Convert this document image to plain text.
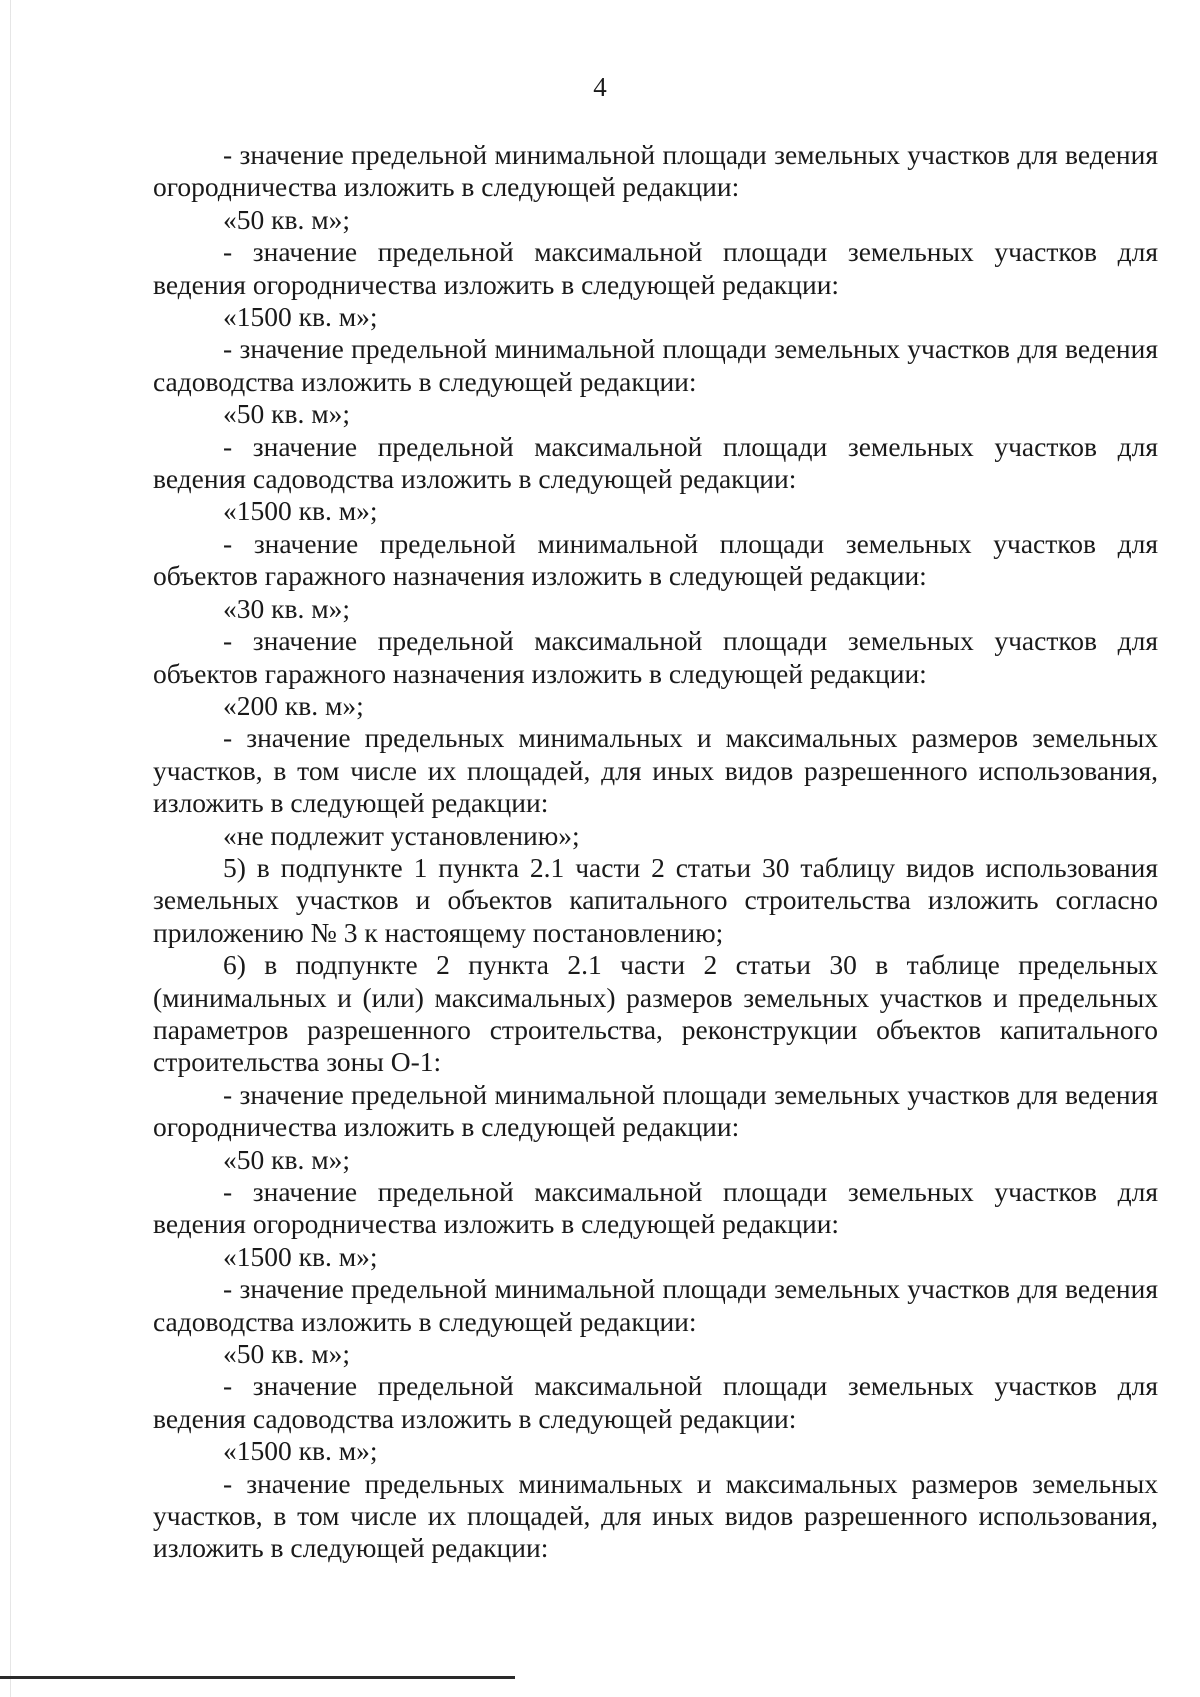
4

- значение предельной минимальной площади земельных участков для ведения огородничества изложить в следующей редакции:

«50 кв. м»;

- значение предельной максимальной площади земельных участков для ведения огородничества изложить в следующей редакции:

«1500 кв. м»;

- значение предельной минимальной площади земельных участков для ведения садоводства изложить в следующей редакции:

«50 кв. м»;

- значение предельной максимальной площади земельных участков для ведения садоводства изложить в следующей редакции:

«1500 кв. м»;

- значение предельной минимальной площади земельных участков для объектов гаражного назначения изложить в следующей редакции:

«30 кв. м»;

- значение предельной максимальной площади земельных участков для объектов гаражного назначения изложить в следующей редакции:

«200 кв. м»;

- значение предельных минимальных и максимальных размеров земельных участков, в том числе их площадей, для иных видов разрешенного использования, изложить в следующей редакции:

«не подлежит установлению»;

5) в подпункте 1 пункта 2.1 части 2 статьи 30 таблицу видов использования земельных участков и объектов капитального строительства изложить согласно приложению № 3 к настоящему постановлению;

6) в подпункте 2 пункта 2.1 части 2 статьи 30 в таблице предельных (минимальных и (или) максимальных) размеров земельных участков и предельных параметров разрешенного строительства, реконструкции объектов капитального строительства зоны О-1:

- значение предельной минимальной площади земельных участков для ведения огородничества изложить в следующей редакции:

«50 кв. м»;

- значение предельной максимальной площади земельных участков для ведения огородничества изложить в следующей редакции:

«1500 кв. м»;

- значение предельной минимальной площади земельных участков для ведения садоводства изложить в следующей редакции:

«50 кв. м»;

- значение предельной максимальной площади земельных участков для ведения садоводства изложить в следующей редакции:

«1500 кв. м»;

- значение предельных минимальных и максимальных размеров земельных участков, в том числе их площадей, для иных видов разрешенного использования, изложить в следующей редакции:
